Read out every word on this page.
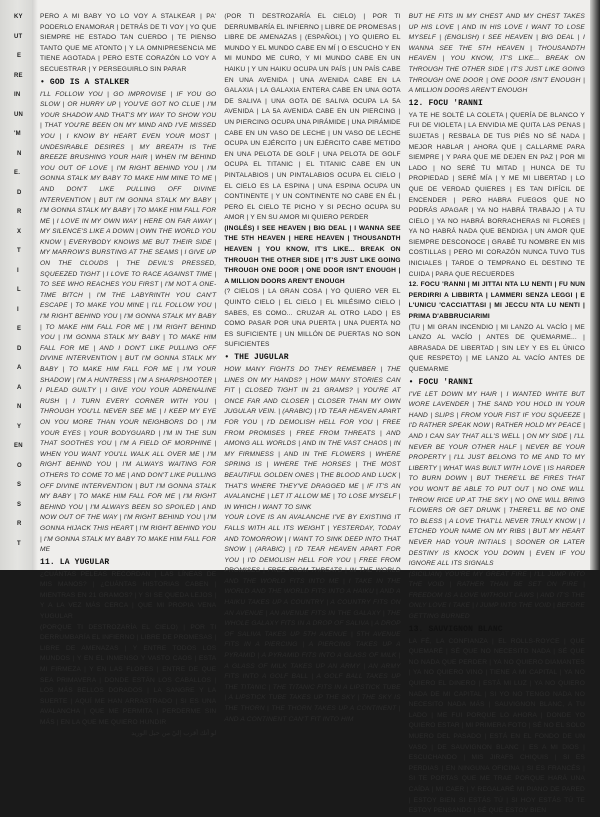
KY
UT
E
RE
IN
UN
'M
N
E.
D
R
X
T
I
L
I
E
D
A
A
N
Y
EN
O
S
S
R
T

PERO A MI BABY YO LO VOY A STALKEAR | PA' PODERLO ENAMORAR | DETRÁS DE TI VOY | YO QUE SIEMPRE HE ESTADO TAN CUERDO | TE PIENSO TANTO QUE ME ATONTO | Y LA OMNIPRESENCIA ME TIENE AGOTADA | PERO ESTE CORAZÓN LO VOY A SECUESTRAR | Y PERSEGUIRLO SIN PARAR

• GOD IS A STALKER

I'LL FOLLOW YOU | GO IMPROVISE | IF YOU GO SLOW | OR HURRY UP | YOU'VE GOT NO CLUE | I'M YOUR SHADOW AND THAT'S MY WAY TO SHOW YOU | THAT YOU'RE BEEN ON MY MIND AND I'VE MISSED YOU | I KNOW BY HEART EVEN YOUR MOST | UNDESIRABLE DESIRES | MY BREATH IS THE BREEZE BRUSHING YOUR HAIR | WHEN I'M BEHIND YOU OUT OF LOVE | I'M RIGHT BEHIND YOU | I'M GONNA STALK MY BABY TO MAKE HIM MINE TO ME | AND DON'T LIKE PULLING OFF DIVINE INTERVENTION | BUT I'M GONNA STALK MY BABY | I'M GONNA STALK MY BABY | TO MAKE HIM FALL FOR ME | I LOVE IN MY OWN WAY | HERE ON FAR AWAY | MY SILENCE'S LIKE A DOWN | OWN THE WORLD YOU KNOW | EVERYBODY KNOWS ME BUT THEIR SIDE | MY MARROW'S BURSTING AT THE SEAMS | I GIVE UP ON THE CLOUDS | THE DEVIL'S PRESSED, SQUEEZED TIGHT | I LOVE TO RACE AGAINST TIME | TO SEE WHO REACHES YOU FIRST | I'M NOT A ONE-TIME BITCH | I'M THE LABYRINTH YOU CAN'T ESCAPE | TO MAKE YOU MINE | I'LL FOLLOW YOU | I'M RIGHT BEHIND YOU | I'M GONNA STALK MY BABY | TO MAKE HIM FALL FOR ME | I'M RIGHT BEHIND YOU | I'M GONNA STALK MY BABY | TO MAKE HIM FALL FOR ME | AND I DON'T LIKE PULLING OFF DIVINE INTERVENTION | BUT I'M GONNA STALK MY BABY | TO MAKE HIM FALL FOR ME | I'M YOUR SHADOW | I'M A HUNTRESS | I'M A SHARPSHOOTER | I PLEAD GUILTY | I GIVE YOU YOUR ADRENALINE RUSH | I TURN EVERY CORNER WITH YOU | THROUGH YOU'LL NEVER SEE ME | I KEEP MY EYE ON YOU MORE THAN YOUR NEIGHBORS DO | I'M YOUR EYES | YOUR BODYGUARD | I'M IN THE SUN THAT SOOTHES YOU | I'M A FIELD OF MORPHINE | WHEN YOU WANT YOU'LL WALK ALL OVER ME | I'M RIGHT BEHIND YOU | I'M ALWAYS WAITING FOR OTHERS TO COME TO ME | AND DON'T LIKE PULLING OFF DIVINE INTERVENTION | BUT I'M GONNA STALK MY BABY | TO MAKE HIM FALL FOR ME | I'M RIGHT BEHIND YOU | I'M ALWAYS BEEN SO SPOILED | AND NOW OUT OF THE WAY | I'M RIGHT BEHIND YOU | I'M GONNA HIJACK THIS HEART | I'M RIGHT BEHIND YOU | I'M GONNA STALK MY BABY TO MAKE HIM FALL FOR ME

11. LA YUGULAR

¿CUÁNTAS PELEAS RECORDAN | LAS LÍNEAS DE MIS MANOS? | ¿CUÁNTAS HISTORIAS CABEN | MIENTRAS EN 21 GRAMOS? | Y SI SE QUEDA LEJOS | Y A LA VEZ MÁS CERCA | QUE MI PROPIA VENA YUGULAR

(PORQUE TI DESTROZARÍA EL CIELO) | POR TI DERRUMBARÍA EL INFIERNO | LIBRE DE PROMESAS | LIBRE DE AMENAZAS | Y ENTRE TODOS LOS MUNDOS | Y EN EL INMENSO Y VASTO CAOS | ESTA MI FIRMEZA | Y EN LAS FLORES | ENTRE DE QUE SEA PRIMAVERA | DONDE ESTÁN LOS CABALLOS | LOS MÁS BELLOS DORADOS | LA SANGRE Y LA SUERTE | AQUÍ ME HAN ARRASTRADO | SI ES UNA AVALANCHA | QUE ME PERMITA | PERDERME SIN MÁS | EN LA QUE ME QUIERO HUNDIR

لو أنك أقرب إليّ من حبل الوريد

(POR TI DESTROZARÍA EL CIELO) | POR TI DERRUMBARÍA EL INFIERNO | LIBRE DE PROMESAS | LIBRE DE AMENAZAS | (ESPAÑOL) | YO QUIERO EL MUNDO Y EL MUNDO CABE EN MÍ | O ESCUCHO Y EN MI MUNDO ME CURO, Y MI MUNDO CABE EN UN HAIKU | Y UN HAIKU OCUPA UN PAÍS | UN PAÍS CABE EN UNA AVENIDA | UNA AVENIDA CABE EN LA GALAXIA | LA GALAXIA ENTERA CABE EN UNA GOTA DE SALIVA | UNA GOTA DE SALIVA OCUPA LA 5A AVENIDA | LA 5A AVENIDA CABE EN UN PIERCING | UN PIERCING OCUPA UNA PIRÁMIDE | UNA PIRÁMIDE CABE EN UN VASO DE LECHE | UN VASO DE LECHE OCUPA UN EJÉRCITO | UN EJÉRCITO CABE METIDO EN UNA PELOTA DE GOLF | UNA PELOTA DE GOLF OCUPA EL TITANIC | EL TITANIC CABE EN UN PINTALABIOS | UN PINTALABIOS OCUPA EL CIELO | EL CIELO ES LA ESPINA | UNA ESPINA OCUPA UN CONTINENTE | Y UN CONTINENTE NO CABE EN ÉL | PERO EL CIELO TE PICHO Y SI PECHO OCUPA SU AMOR | Y EN SU AMOR MI QUIERO PERDER

(INGLÉS) I SEE HEAVEN | BIG DEAL | I WANNA SEE THE 5TH HEAVEN | HERE HEAVEN | THOUSANDTH HEAVEN | YOU KNOW, IT'S LIKE... BREAK ON THROUGH THE OTHER SIDE | IT'S JUST LIKE GOING THROUGH ONE DOOR | ONE DOOR ISN'T ENOUGH | A MILLION DOORS AREN'T ENOUGH

(? CIELOS | LA GRAN COSA | YO QUIERO VER EL QUINTO CIELO | EL CIELO | EL MILÉSIMO CIELO | SABES, ES COMO... CRUZAR AL OTRO LADO | ES COMO PASAR POR UNA PUERTA | UNA PUERTA NO ES SUFICIENTE | UN MILLÓN DE PUERTAS NO SON SUFICIENTES

• THE JUGULAR

HOW MANY FIGHTS DO THEY REMEMBER | THE LINES ON MY HANDS? | HOW MANY STORIES CAN FIT | CLOSED TIGHT IN 21 GRAMS? | YOU'RE AT ONCE FAR AND CLOSER | CLOSER THAN MY OWN JUGULAR VEIN. | (ARABIC) | I'D TEAR HEAVEN APART FOR YOU | I'D DEMOLISH HELL FOR YOU | FREE FROM PROMISES | FREE FROM THREATS | AND AMONG ALL WORLDS | AND IN THE VAST CHAOS | IN MY FIRMNESS | AND IN THE FLOWERS | WHERE SPRING IS | WHERE THE HORSES | THE MOST BEAUTIFUL GOLDEN ONES | THE BLOOD AND LUCK | THAT'S WHERE THEY'VE DRAGGED ME | IF IT'S AN AVALANCHE | LET IT ALLOW ME | TO LOSE MYSELF | IN WHICH I WANT TO SINK

YOUR LOVE IS AN AVALANCHE I'VE BY EXISTING IT FALLS WITH ALL ITS WEIGHT | YESTERDAY, TODAY AND TOMORROW | I WANT TO SINK DEEP INTO THAT SNOW | (ARABIC) | I'D TEAR HEAVEN APART FOR YOU | I'D DEMOLISH HELL FOR YOU | FREE FROM PROMISES | FREE FROM THREATS | IN THE WORLD AND THE WORLD FITS INTO ME | I TAKE IN THE WORLD AND THE WORLD FITS INTO A HAIKU | AND A HAIKU TAKES UP A COUNTRY | A COUNTRY FITS ON AN AVENUE | AN AVENUE FITS IN THE GALAXY | THE WHOLE GALAXY FITS IN A DROP OF SALIVA | A DROP OF SALIVA TAKES UP 5TH AVENUE | 5TH AVENUE FITS IN A PIERCING | A PIERCING TAKES UP A PYRAMID | A PYRAMID FITS INTO A GLASS OF MILK | A GLASS OF MILK TAKES UP AN ARMY | AN ARMY FITS INTO A GOLF BALL | A GOLF BALL TAKES UP THE TITANIC | THE TITANIC FITS IN A LIPSTICK TUBE | A LIPSTICK TUBE TAKES UP THE SKY | THE SKY IS THE THORN | THE THORN TAKES UP A CONTINENT | AND A CONTINENT CAN'T FIT INTO HIM

BUT HE FITS IN MY CHEST AND MY CHEST TAKES UP HIS LOVE | AND IN HIS LOVE I WANT TO LOSE MYSELF | (ENGLISH) I SEE HEAVEN | BIG DEAL | I WANNA SEE THE 5TH HEAVEN | THOUSANDTH HEAVEN | YOU KNOW, IT'S LIKE... BREAK ON THROUGH THE OTHER SIDE | IT'S JUST LIKE GOING THROUGH ONE DOOR | ONE DOOR ISN'T ENOUGH | A MILLION DOORS AREN'T ENOUGH

12. FOCU 'RANNI

YA TE HE SOLTÉ LA COLETA | QUERÍA DE BLANCO Y FUI DE VIOLETA | LA ENVIDIA ME QUITA LAS PENAS | SUJETAS | RESBALA DE TUS PIÉS NO SÉ NADA | MEJOR HABLAR | AHORA QUE | CALLARME PARA SIEMPRE | Y PARA QUE ME DEJEN EN PAZ | POR MI LADO | NO SERÉ TU MITAD | HUNCA DE TU PROPIEDAD | SERÉ MÍA | Y ME MI LIBERTAD | LO QUE DE VERDAD QUIERES | ES TAN DIFÍCIL DE ENCENDER | PERO HABRA FUEGOS QUE NO PODRÁS APAGAR | YA NO HABRÁ TRABAJO | A TU CIELO | YA NO HABRÁ BORRACHERAS NI FLORES | YA NO HABRÁ NADA QUE BENDIGA | UN AMOR QUE SIEMPRE DESCONOCE | GRABÉ TU NOMBRE EN MIS COSTILLAS | PERO MI CORAZÓN NUNCA TUVO TUS INICIALES | TARDE O TEMPRANO EL DESTINO TE CUIDA | PARA QUE RECUERDES

12. FOCU 'RANNI | MI JITTAI NTA LU NENTI | FU NUN PERDIRRI A LIBBIRTA | LAMMERI SENZA LEGGI | E L'UNICU 'CACCIATTASI | MI JECCU NTA LU NENTI | PRIMA D'ABBRUCIARIMI

(TU | MI GRAN INCENDIO | MI LANZO AL VACÍO | ME LANZO AL VACÍO | ANTES DE QUEMARME... | ABRASADA DE LIBERTAD | SIN LEY Y ES EL ÚNICO QUE RESPETO) | ME LANZO AL VACÍO ANTES DE QUEMARME

• FOCU 'RANNI

I'VE LET DOWN MY HAIR | I WANTED WHITE BUT WORE LAVENDER | THE SAND YOU HOLD IN YOUR HAND | SLIPS | FROM YOUR FIST IF YOU SQUEEZE | I'D RATHER SPEAK NOW | RATHER HOLD MY PEACE | AND I CAN SAY THAT ALL'S WELL | ON MY SIDE | I'LL NEVER BE YOUR OTHER HALF | NEVER BE YOUR PROPERTY | I'LL JUST BELONG TO ME AND TO MY LIBERTY | WHAT WAS BUILT WITH LOVE | IS HARDER TO BURN DOWN | BUT THERE'LL BE FIRES THAT YOU WON'T BE ABLE TO PUT OUT | NO ONE WILL THROW RICE UP AT THE SKY | NO ONE WILL BRING FLOWERS OR GET DRUNK | THERE'LL BE NO ONE TO BLESS | A LOVE THAT'LL NEVER TRULY KNOW | I ETCHED YOUR NAME ON MY RIBS | BUT MY HEART NEVER HAD YOUR INITIALS | SOONER OR LATER DESTINY IS KNOCK YOU DOWN | EVEN IF YOU IGNORE ALL ITS SIGNALS

(SICILIAN) YOU'RE MY GREAT FIRE | I'LL JUMP INTO THE VOID | RATHER THAN BE SET ON FIRE | FREEDOM IS A LOVE WITHOUT LAWS | AND IT'S THE ONLY LOVE I TAKE | I JUMP INTO THE VOID | BEFORE GETTING BURNED

13. SAUVIGNON BLANC

LA FÉ, LA CONFIANZA | EL ROLLS-ROYCE | QUE QUEMARÉ | SÉ QUE NO NECESITO NADA | SÉ QUE NO NADA QUE PERDER | YA NO QUIERO DIAMANTES | YA NO QUIERO VINO | TIENE A MI CAPITAL | YA NO QUIERO EL DINERO | ESTÁ MI LUZ | YA NO QUIERO NADA DE MI CAPITAL | SI YO NO TENGO NADA NO NECESITO NADA MÁS | SAUVIGNON BLANC, A TU LADO | ME FUI PORQUE LO AHORA | DONDE YO QUIERO ESTAR | MI PRIMERA FOTO | SÉ NO EL SOLO MUERO DEL PASADO | ESTÁ EN EL FONDO DE UN VASO | DE SAUVIGNON BLANC | ES A MI DIOS | ESCUCHANDO | MIS JIRAFS CHIQUIS | SI ES PERDIAS | EN NINGUNA OFICINA | SI ES FRANCÉS | SI TE PORTAS QUE ME TRAE PORQUE HARÁ UNA CAÍDA | MI CAER | Y REGALARÉ MI PIANO DE PARED | ESTOY BIEN SI ESTÁS TÚ | SI HOY ESTÁS TÚ TE ESTOY PENSANDO | SÉ QUE ESTOY BIEN
